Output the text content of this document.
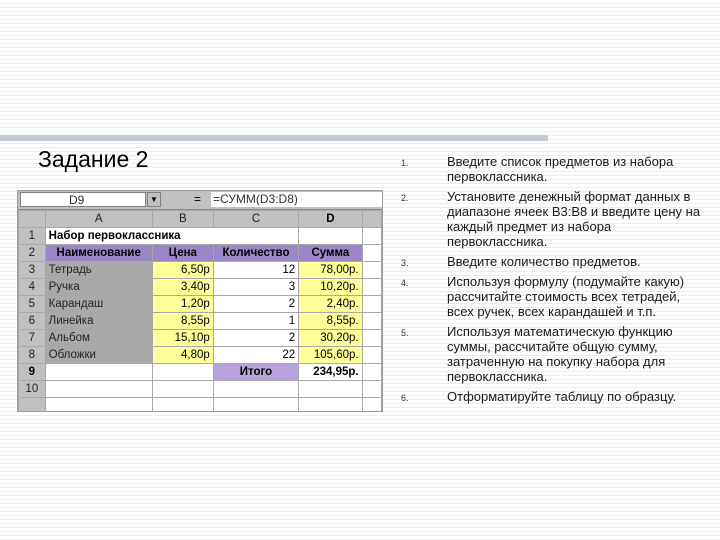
Задание 2
D9	▼	= =СУММ(D3:D8)
	A	B	C	D	
1	Набор первоклассника				
2	Наименование	Цена	Количество	Сумма	
3	Тетрадь	6,50р	12	78,00р.	
4	Ручка	3,40р	3	10,20р.	
5	Карандаш	1,20р	2	2,40р.	
6	Линейка	8,55р	1	8,55р.	
7	Альбом	15,10р	2	30,20р.	
8	Обложки	4,80р	22	105,60р.	
9			Итого	234,95р.	
10					

1.	Введите список предметов из набора первоклассника.
2.	Установите денежный формат данных в диапазоне ячеек B3:B8 и введите цену на каждый предмет из набора первоклассника.
3.	Введите количество предметов.
4.	Используя формулу (подумайте какую) рассчитайте стоимость всех тетрадей, всех ручек, всех карандашей и т.п.
5.	Используя математическую функцию суммы, рассчитайте общую сумму, затраченную на покупку набора для первоклассника.
6.	Отформатируйте таблицу по образцу.
